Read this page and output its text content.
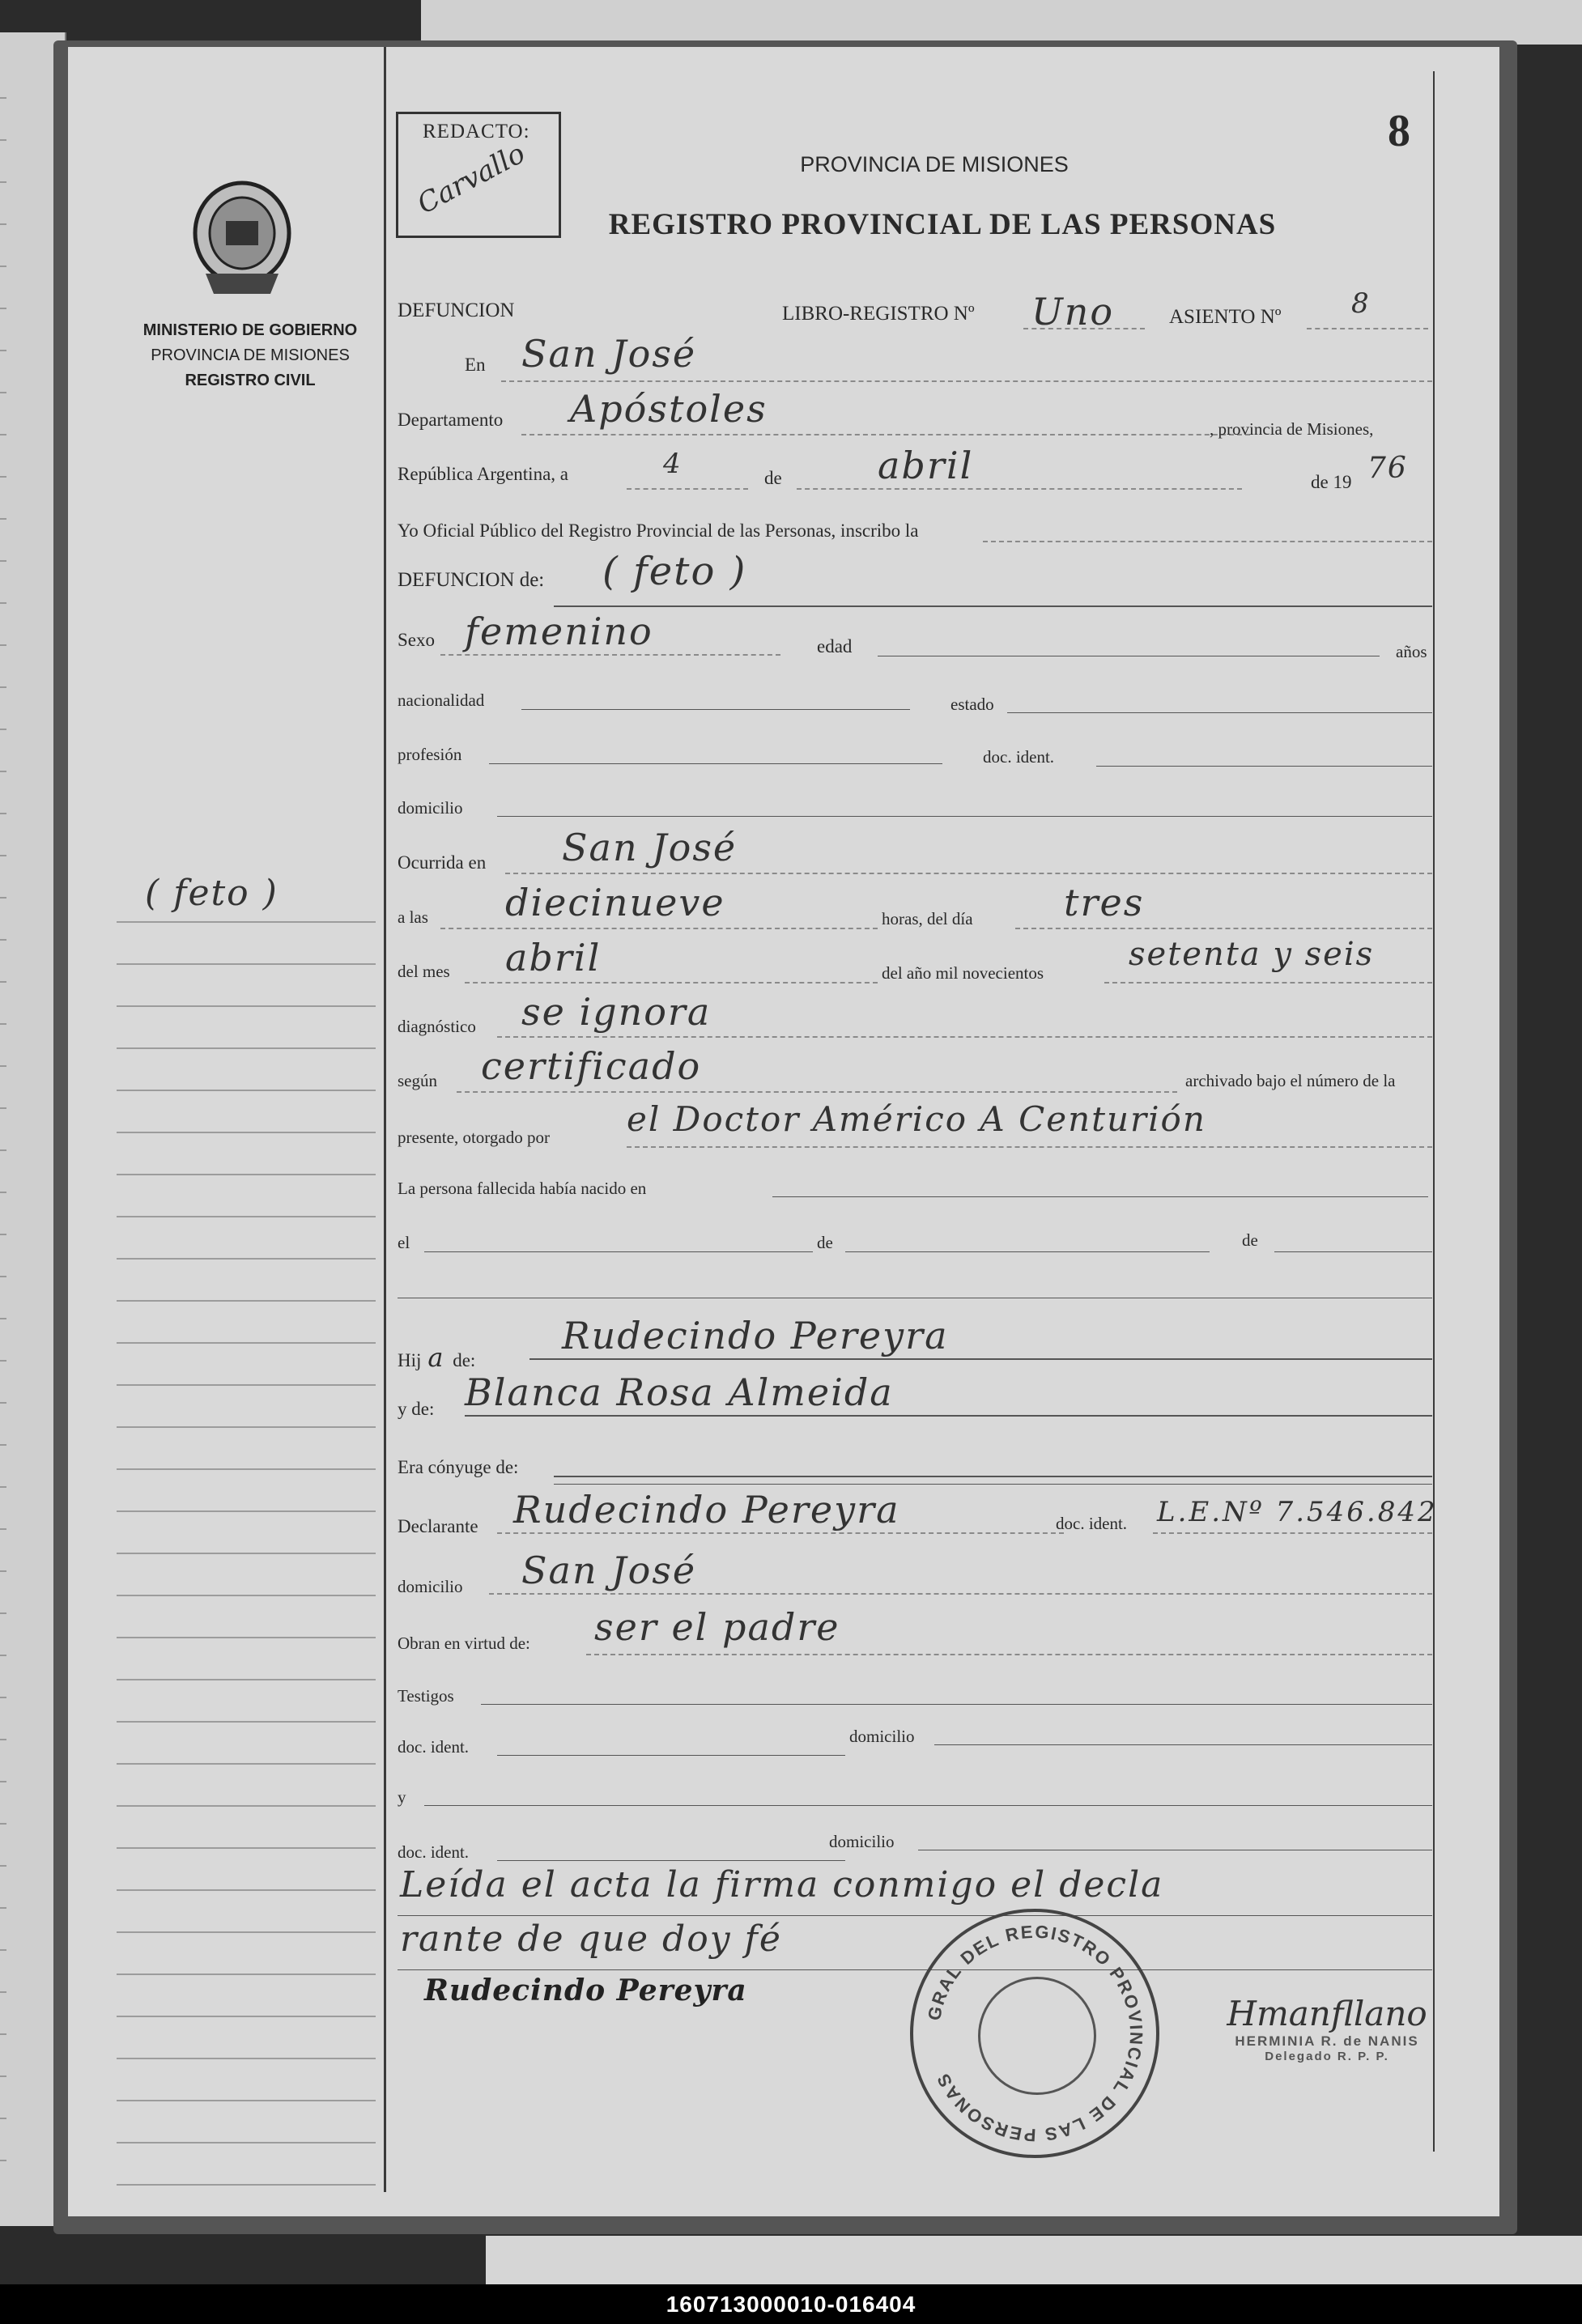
MINISTERIO DE GOBIERNO
PROVINCIA DE MISIONES
REGISTRO CIVIL
( feto )
REDACTO:
Carvallo
8
PROVINCIA DE MISIONES
REGISTRO PROVINCIAL DE LAS PERSONAS
DEFUNCION	LIBRO-REGISTRO Nº Uno	ASIENTO Nº	8
En San José
Departamento Apóstoles	, provincia de Misiones,
República Argentina, a	4	de	abril	de 19 76
Yo Oficial Público del Registro Provincial de las Personas, inscribo la
DEFUNCION de: ( feto )
Sexo femenino	edad	años
nacionalidad	estado
profesión	doc. ident.
domicilio
Ocurrida en San José
a las diecinueve	horas, del día tres
del mes abril	del año mil novecientos	setenta y seis
diagnóstico se ignora
según certificado	archivado bajo el número de la
presente, otorgado por el Doctor Américo A Centurión
La persona fallecida había nacido en
el	de	de
Hij a de:
Rudecindo Pereyra
y de: Blanca Rosa Almeida
Era cónyuge de:
Declarante Rudecindo Pereyra	doc. ident. L.E.Nº 7.546.842
domicilio San José
Obran en virtud de: ser el padre
Testigos
doc. ident.
domicilio
y
doc. ident.
domicilio
Leída el acta la firma conmigo el decla
rante de que doy fé
Rudecindo Pereyra
GRAL DEL REGISTRO PROVINCIAL DE LAS PERSONAS
Hmanfllano
HERMINIA R. de NANIS
Delegado R. P. P.
160713000010-016404
